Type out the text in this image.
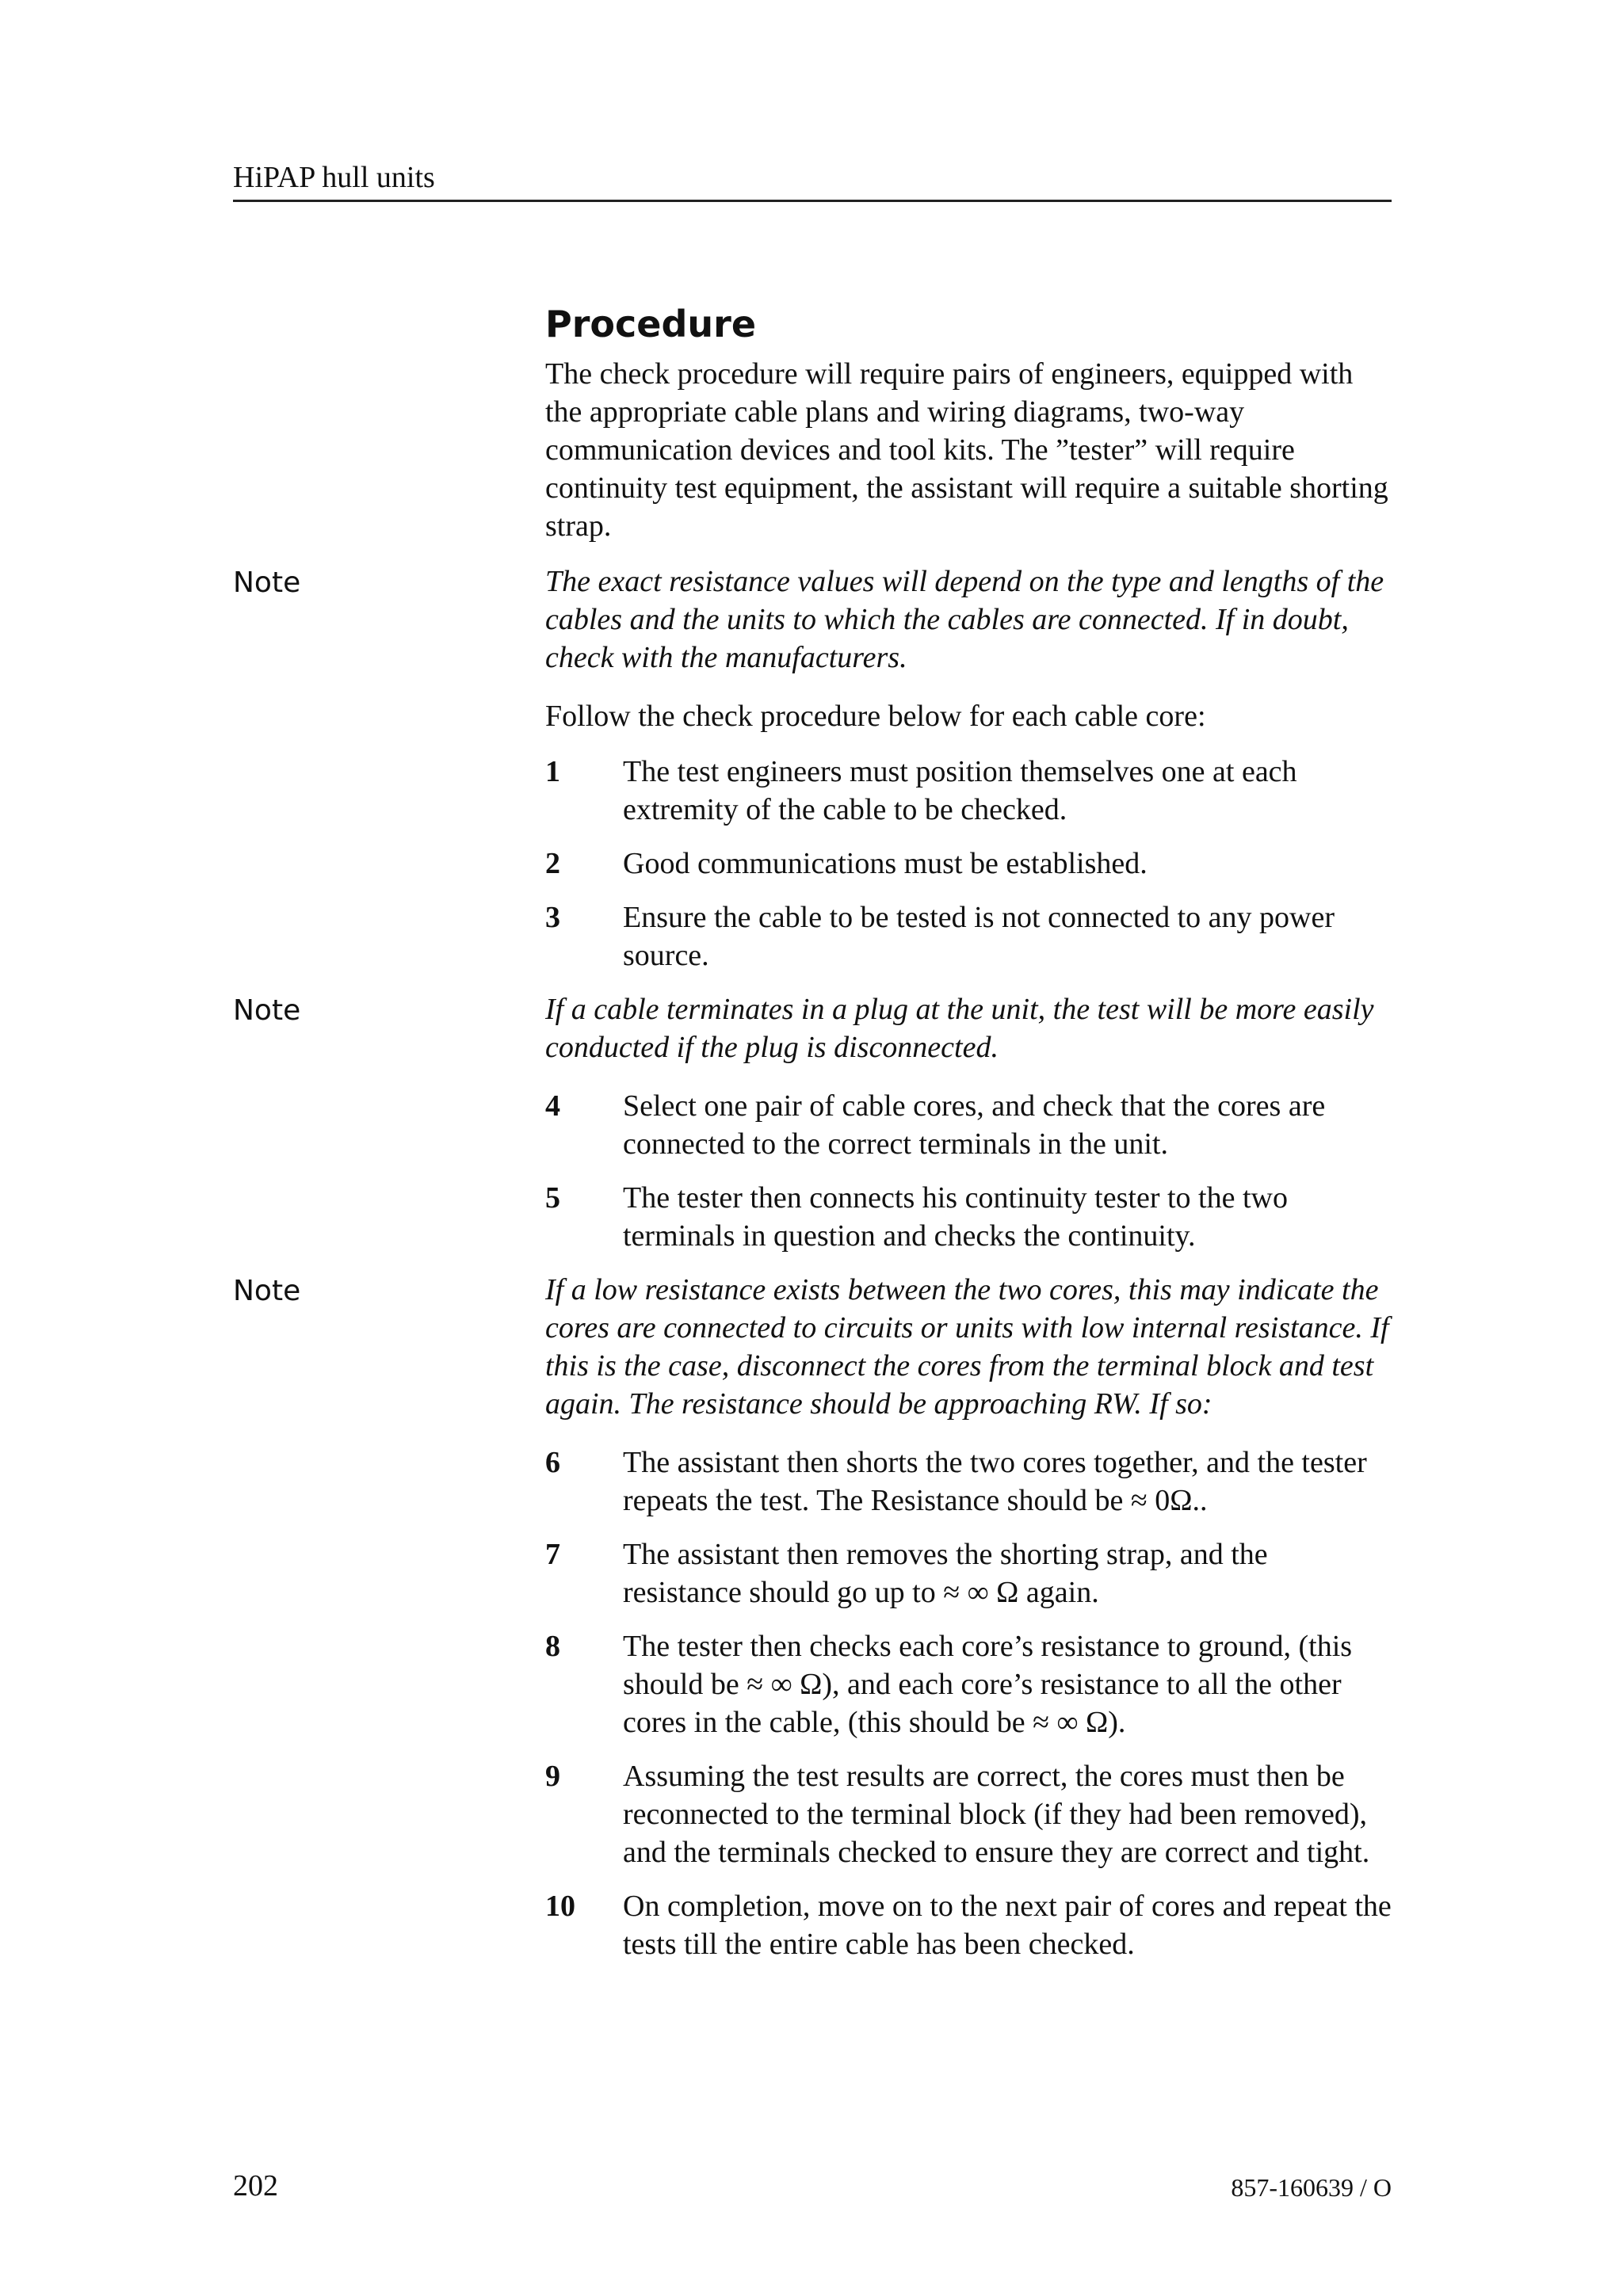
HiPAP hull units
Procedure

The check procedure will require pairs of engineers, equipped with the appropriate cable plans and wiring diagrams, two-way communication devices and tool kits. The ”tester” will require continuity test equipment, the assistant will require a suitable shorting strap.

Note	The exact resistance values will depend on the type and lengths of the cables and the units to which the cables are connected. If in doubt, check with the manufacturers.

Follow the check procedure below for each cable core:

1	The test engineers must position themselves one at each extremity of the cable to be checked.
2	Good communications must be established.
3	Ensure the cable to be tested is not connected to any power source.
Note	If a cable terminates in a plug at the unit, the test will be more easily conducted if the plug is disconnected.
4	Select one pair of cable cores, and check that the cores are connected to the correct terminals in the unit.
5	The tester then connects his continuity tester to the two terminals in question and checks the continuity.
Note	If a low resistance exists between the two cores, this may indicate the cores are connected to circuits or units with low internal resistance. If this is the case, disconnect the cores from the terminal block and test again. The resistance should be approaching RW. If so:
6	The assistant then shorts the two cores together, and the tester repeats the test. The Resistance should be ≈ 0Ω..
7	The assistant then removes the shorting strap, and the resistance should go up to ≈ ∞ Ω again.
8	The tester then checks each core’s resistance to ground, (this should be ≈ ∞ Ω), and each core’s resistance to all the other cores in the cable, (this should be ≈ ∞ Ω).
9	Assuming the test results are correct, the cores must then be reconnected to the terminal block (if they had been removed), and the terminals checked to ensure they are correct and tight.
10	On completion, move on to the next pair of cores and repeat the tests till the entire cable has been checked.
202	857-160639 / O
